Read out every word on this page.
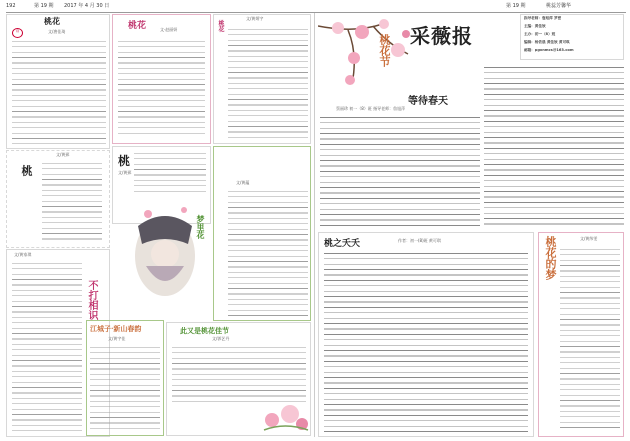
192	第 19 期 2017 年 4 月 30 日	第 19 期	桃蕊芳馨华
桃花
文/唐佳琦
诗
桃
文/黄郅
文/黄家琪
不打相识
桃花	文·赵丽妍
桃
文/黄郅
江城子·新山春韵
文/黄宇佳
文/黄炳宇
桃花
文/黄蕴
梦里花
此又是桃花佳节
文/郭艺丹
桃花节 采薇报
指导老师：詹旭萍 罗密
主编：黄佳欣
主办：初一（8）班
编辑：杨依晨 黄佳欣 黄可琪
邮箱：pgxnmcs@163.com
等待春天
蔡丽珍 初一（8）班 指导老师：詹旭萍
桃之夭夭	作者：初一(8)班 黄可琪	桃花的梦	文/黄纬雯
